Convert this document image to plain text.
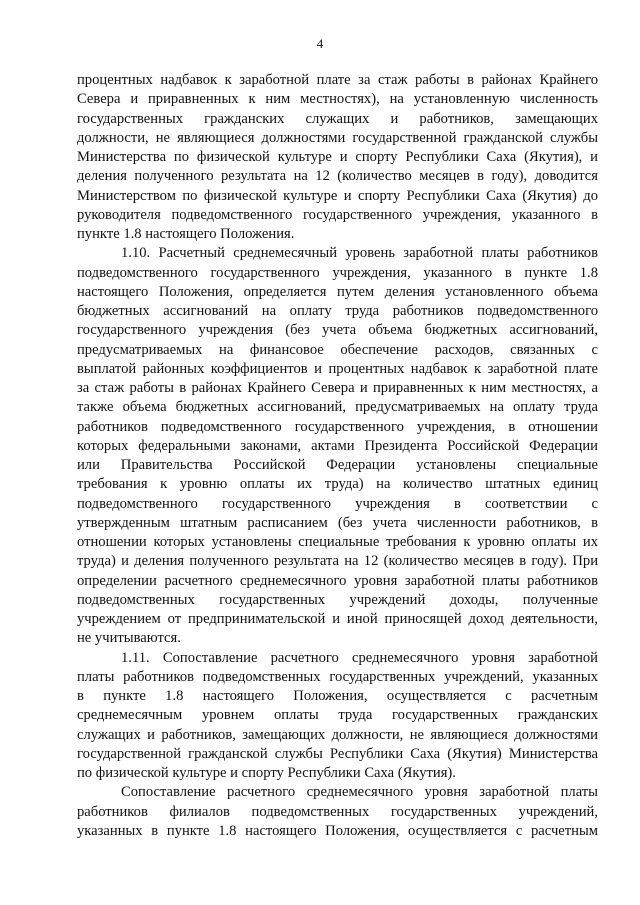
4
процентных надбавок к заработной плате за стаж работы в районах Крайнего
Севера и приравненных к ним местностях), на установленную численность
государственных гражданских служащих и работников, замещающих
должности, не являющиеся должностями государственной гражданской службы
Министерства по физической культуре и спорту Республики Саха (Якутия), и
деления полученного результата на 12 (количество месяцев в году), доводится
Министерством по физической культуре и спорту Республики Саха (Якутия) до
руководителя подведомственного государственного учреждения, указанного в
пункте 1.8 настоящего Положения.
1.10. Расчетный среднемесячный уровень заработной платы работников
подведомственного государственного учреждения, указанного в пункте 1.8
настоящего Положения, определяется путем деления установленного объема
бюджетных ассигнований на оплату труда работников подведомственного
государственного учреждения (без учета объема бюджетных ассигнований,
предусматриваемых на финансовое обеспечение расходов, связанных с
выплатой районных коэффициентов и процентных надбавок к заработной плате
за стаж работы в районах Крайнего Севера и приравненных к ним местностях, а
также объема бюджетных ассигнований, предусматриваемых на оплату труда
работников подведомственного государственного учреждения, в отношении
которых федеральными законами, актами Президента Российской Федерации
или Правительства Российской Федерации установлены специальные
требования к уровню оплаты их труда) на количество штатных единиц
подведомственного государственного учреждения в соответствии с
утвержденным штатным расписанием (без учета численности работников, в
отношении которых установлены специальные требования к уровню оплаты их
труда) и деления полученного результата на 12 (количество месяцев в году). При
определении расчетного среднемесячного уровня заработной платы работников
подведомственных государственных учреждений доходы, полученные
учреждением от предпринимательской и иной приносящей доход деятельности,
не учитываются.
1.11. Сопоставление расчетного среднемесячного уровня заработной
платы работников подведомственных государственных учреждений, указанных
в пункте 1.8 настоящего Положения, осуществляется с расчетным
среднемесячным уровнем оплаты труда государственных гражданских
служащих и работников, замещающих должности, не являющиеся должностями
государственной гражданской службы Республики Саха (Якутия) Министерства
по физической культуре и спорту Республики Саха (Якутия).
Сопоставление расчетного среднемесячного уровня заработной платы
работников филиалов подведомственных государственных учреждений,
указанных в пункте 1.8 настоящего Положения, осуществляется с расчетным
